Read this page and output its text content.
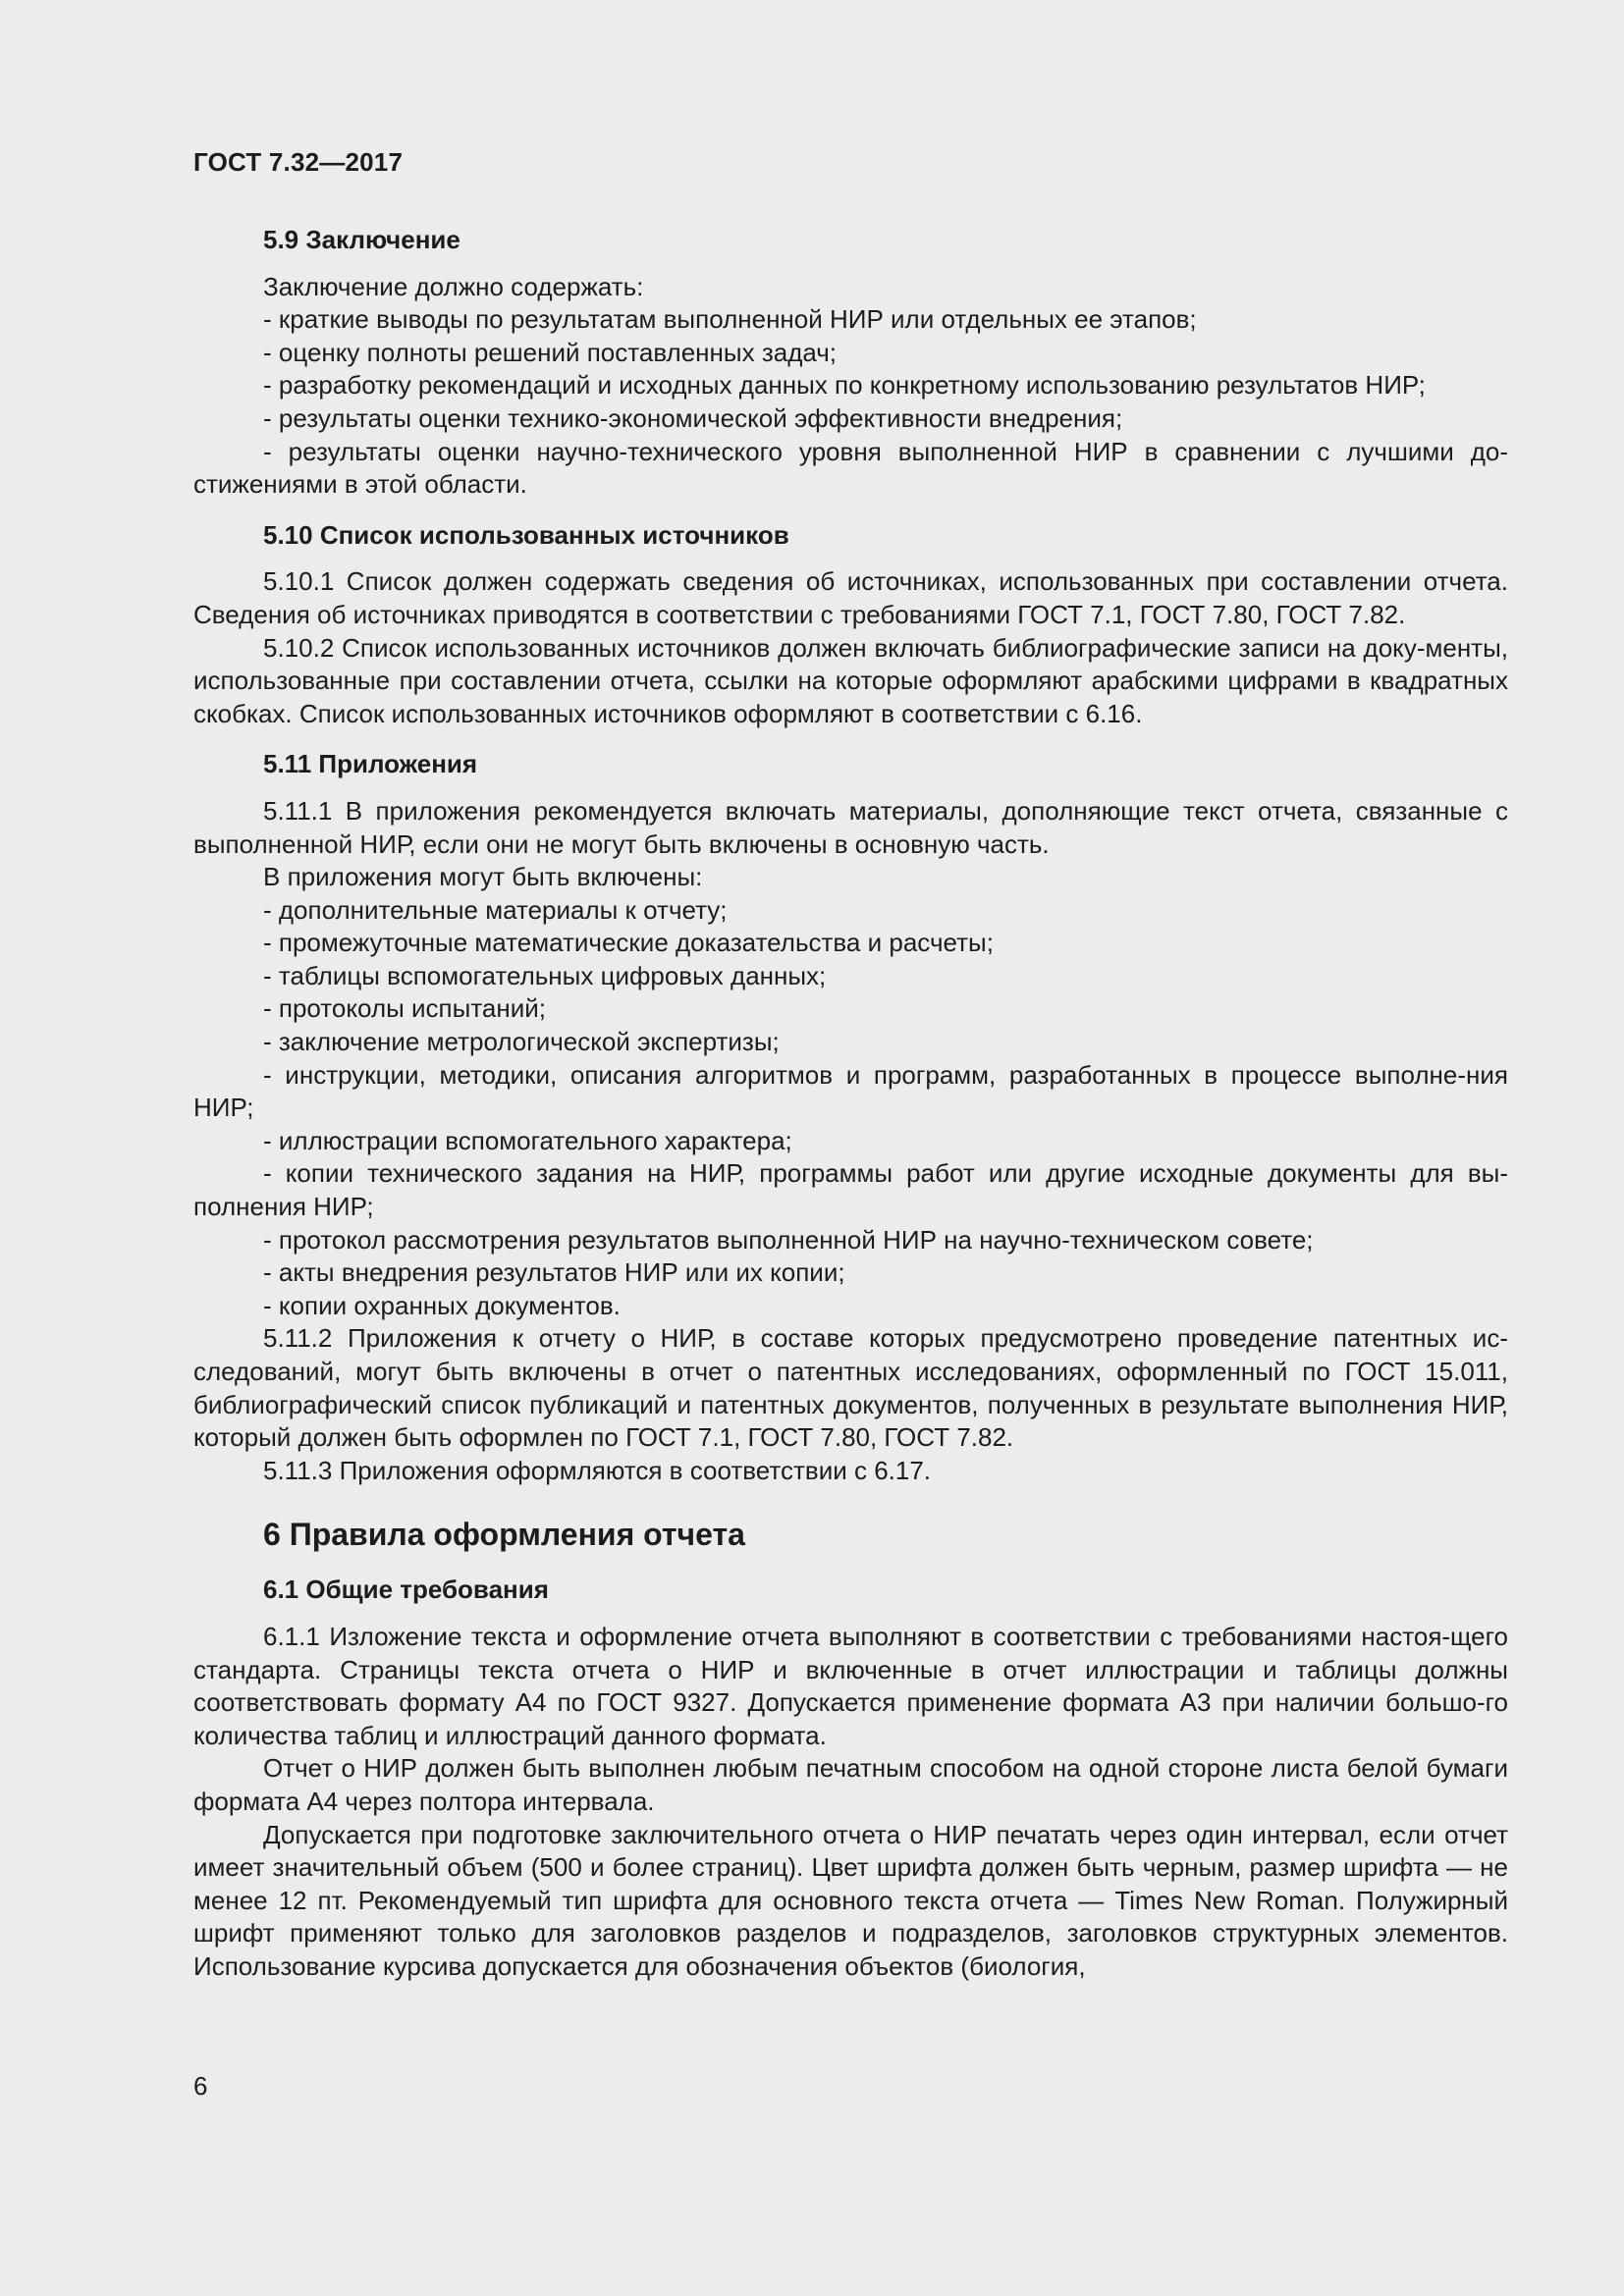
ГОСТ 7.32—2017
5.9 Заключение
Заключение должно содержать:
- краткие выводы по результатам выполненной НИР или отдельных ее этапов;
- оценку полноты решений поставленных задач;
- разработку рекомендаций и исходных данных по конкретному использованию результатов НИР;
- результаты оценки технико-экономической эффективности внедрения;
- результаты оценки научно-технического уровня выполненной НИР в сравнении с лучшими до-стижениями в этой области.
5.10 Список использованных источников
5.10.1 Список должен содержать сведения об источниках, использованных при составлении отчета. Сведения об источниках приводятся в соответствии с требованиями ГОСТ 7.1, ГОСТ 7.80, ГОСТ 7.82.
5.10.2 Список использованных источников должен включать библиографические записи на доку-менты, использованные при составлении отчета, ссылки на которые оформляют арабскими цифрами в квадратных скобках. Список использованных источников оформляют в соответствии с 6.16.
5.11 Приложения
5.11.1 В приложения рекомендуется включать материалы, дополняющие текст отчета, связанные с выполненной НИР, если они не могут быть включены в основную часть.
В приложения могут быть включены:
- дополнительные материалы к отчету;
- промежуточные математические доказательства и расчеты;
- таблицы вспомогательных цифровых данных;
- протоколы испытаний;
- заключение метрологической экспертизы;
- инструкции, методики, описания алгоритмов и программ, разработанных в процессе выполне-ния НИР;
- иллюстрации вспомогательного характера;
- копии технического задания на НИР, программы работ или другие исходные документы для вы-полнения НИР;
- протокол рассмотрения результатов выполненной НИР на научно-техническом совете;
- акты внедрения результатов НИР или их копии;
- копии охранных документов.
5.11.2 Приложения к отчету о НИР, в составе которых предусмотрено проведение патентных ис-следований, могут быть включены в отчет о патентных исследованиях, оформленный по ГОСТ 15.011, библиографический список публикаций и патентных документов, полученных в результате выполнения НИР, который должен быть оформлен по ГОСТ 7.1, ГОСТ 7.80, ГОСТ 7.82.
5.11.3 Приложения оформляются в соответствии с 6.17.
6 Правила оформления отчета
6.1 Общие требования
6.1.1 Изложение текста и оформление отчета выполняют в соответствии с требованиями настоя-щего стандарта. Страницы текста отчета о НИР и включенные в отчет иллюстрации и таблицы должны соответствовать формату А4 по ГОСТ 9327. Допускается применение формата А3 при наличии большо-го количества таблиц и иллюстраций данного формата.
Отчет о НИР должен быть выполнен любым печатным способом на одной стороне листа белой бумаги формата А4 через полтора интервала.
Допускается при подготовке заключительного отчета о НИР печатать через один интервал, если отчет имеет значительный объем (500 и более страниц). Цвет шрифта должен быть черным, размер шрифта — не менее 12 пт. Рекомендуемый тип шрифта для основного текста отчета — Times New Roman. Полужирный шрифт применяют только для заголовков разделов и подразделов, заголовков структурных элементов. Использование курсива допускается для обозначения объектов (биология,
6
